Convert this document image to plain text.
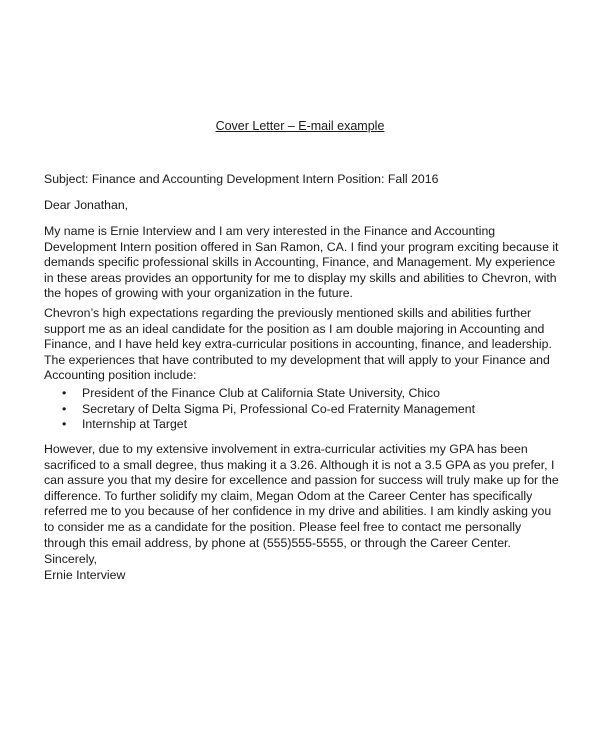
Cover Letter – E-mail example
Subject: Finance and Accounting Development Intern Position: Fall 2016
Dear Jonathan,
My name is Ernie Interview and I am very interested in the Finance and Accounting
Development Intern position offered in San Ramon, CA. I find your program exciting because it
demands specific professional skills in Accounting, Finance, and Management. My experience
in these areas provides an opportunity for me to display my skills and abilities to Chevron, with
the hopes of growing with your organization in the future.
Chevron’s high expectations regarding the previously mentioned skills and abilities further
support me as an ideal candidate for the position as I am double majoring in Accounting and
Finance, and I have held key extra-curricular positions in accounting, finance, and leadership.
The experiences that have contributed to my development that will apply to your Finance and
Accounting position include:
• President of the Finance Club at California State University, Chico
• Secretary of Delta Sigma Pi, Professional Co-ed Fraternity Management
• Internship at Target
However, due to my extensive involvement in extra-curricular activities my GPA has been
sacrificed to a small degree, thus making it a 3.26. Although it is not a 3.5 GPA as you prefer, I
can assure you that my desire for excellence and passion for success will truly make up for the
difference. To further solidify my claim, Megan Odom at the Career Center has specifically
referred me to you because of her confidence in my drive and abilities. I am kindly asking you
to consider me as a candidate for the position. Please feel free to contact me personally
through this email address, by phone at (555)555-5555, or through the Career Center.
Sincerely,
Ernie Interview
